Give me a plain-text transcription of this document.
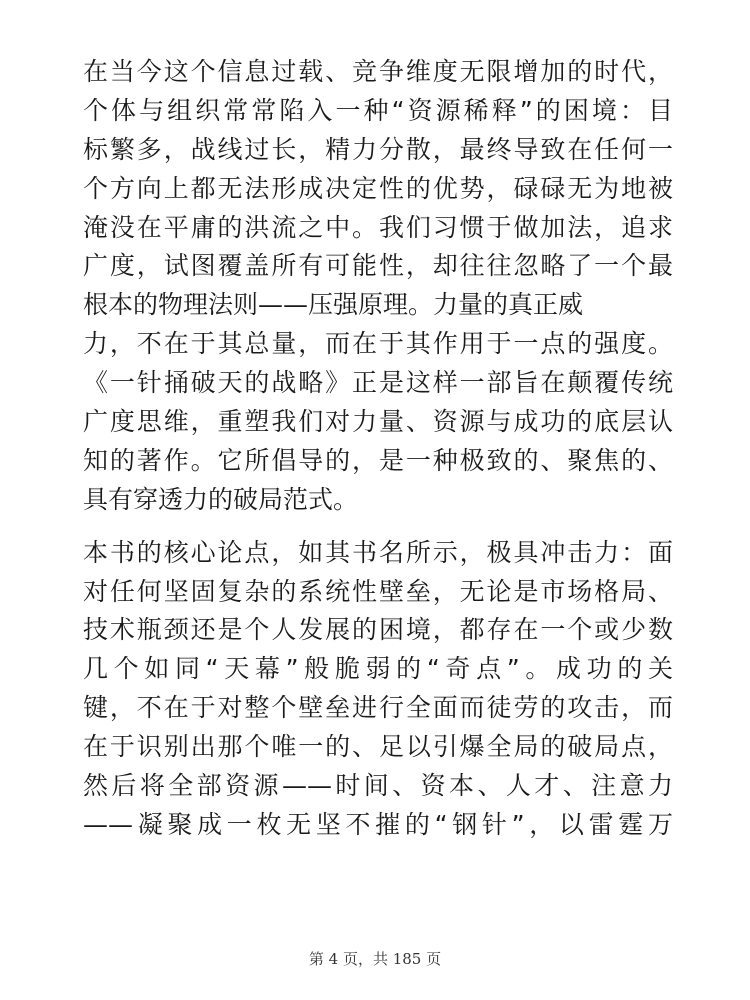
在当今这个信息过载、竞争维度无限增加的时代，
个体与组织常常陷入一种“资源稀释”的困境：目
标繁多，战线过长，精力分散，最终导致在任何一
个方向上都无法形成决定性的优势，碌碌无为地被
淹没在平庸的洪流之中。我们习惯于做加法，追求
广度，试图覆盖所有可能性，却往往忽略了一个最
根本的物理法则——压强原理。力量的真正威
力，不在于其总量，而在于其作用于一点的强度。
《一针捅破天的战略》正是这样一部旨在颠覆传统
广度思维，重塑我们对力量、资源与成功的底层认
知的著作。它所倡导的，是一种极致的、聚焦的、
具有穿透力的破局范式。
本书的核心论点，如其书名所示，极具冲击力：面
对任何坚固复杂的系统性壁垒，无论是市场格局、
技术瓶颈还是个人发展的困境，都存在一个或少数
几个如同“天幕”般脆弱的“奇点”。成功的关
键，不在于对整个壁垒进行全面而徒劳的攻击，而
在于识别出那个唯一的、足以引爆全局的破局点，
然后将全部资源——时间、资本、人才、注意力
——凝聚成一枚无坚不摧的“钢针”，以雷霆万
第 4 页，共 185 页
